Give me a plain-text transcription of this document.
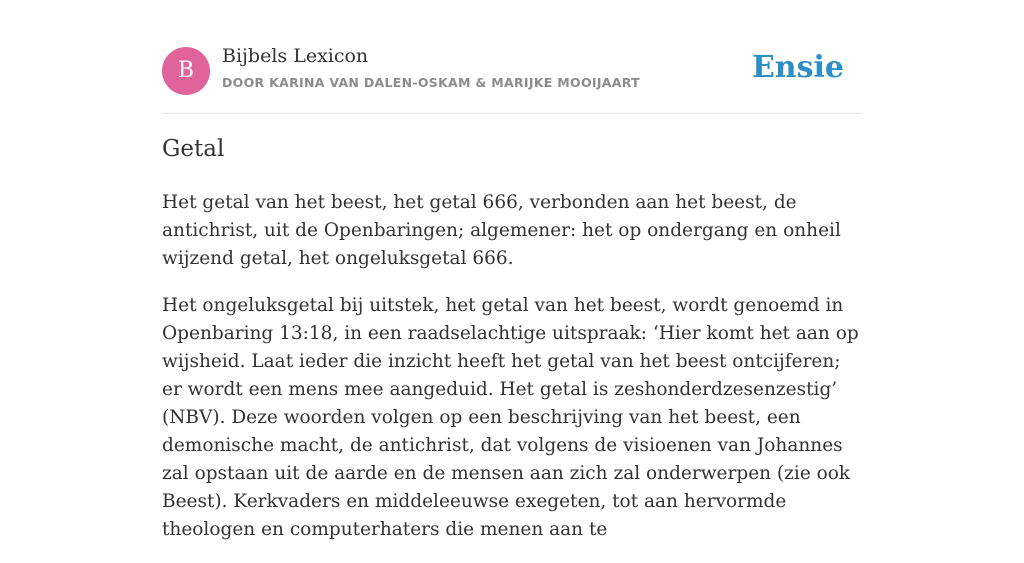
B
Bijbels Lexicon
DOOR KARINA VAN DALEN-OSKAM & MARIJKE MOOIJAART	Ensie
Getal

Het getal van het beest, het getal 666, verbonden aan het beest, de antichrist, uit de Openbaringen; algemener: het op ondergang en onheil wijzend getal, het ongeluksgetal 666.

Het ongeluksgetal bij uitstek, het getal van het beest, wordt genoemd in Openbaring 13:18, in een raadselachtige uitspraak: ‘Hier komt het aan op wijsheid. Laat ieder die inzicht heeft het getal van het beest ontcijferen; er wordt een mens mee aangeduid. Het getal is zeshonderdzesenzestig’ (NBV). Deze woorden volgen op een beschrijving van het beest, een demonische macht, de antichrist, dat volgens de visioenen van Johannes zal opstaan uit de aarde en de mensen aan zich zal onderwerpen (zie ook Beest). Kerkvaders en middeleeuwse exegeten, tot aan hervormde theologen en computerhaters die menen aan te
